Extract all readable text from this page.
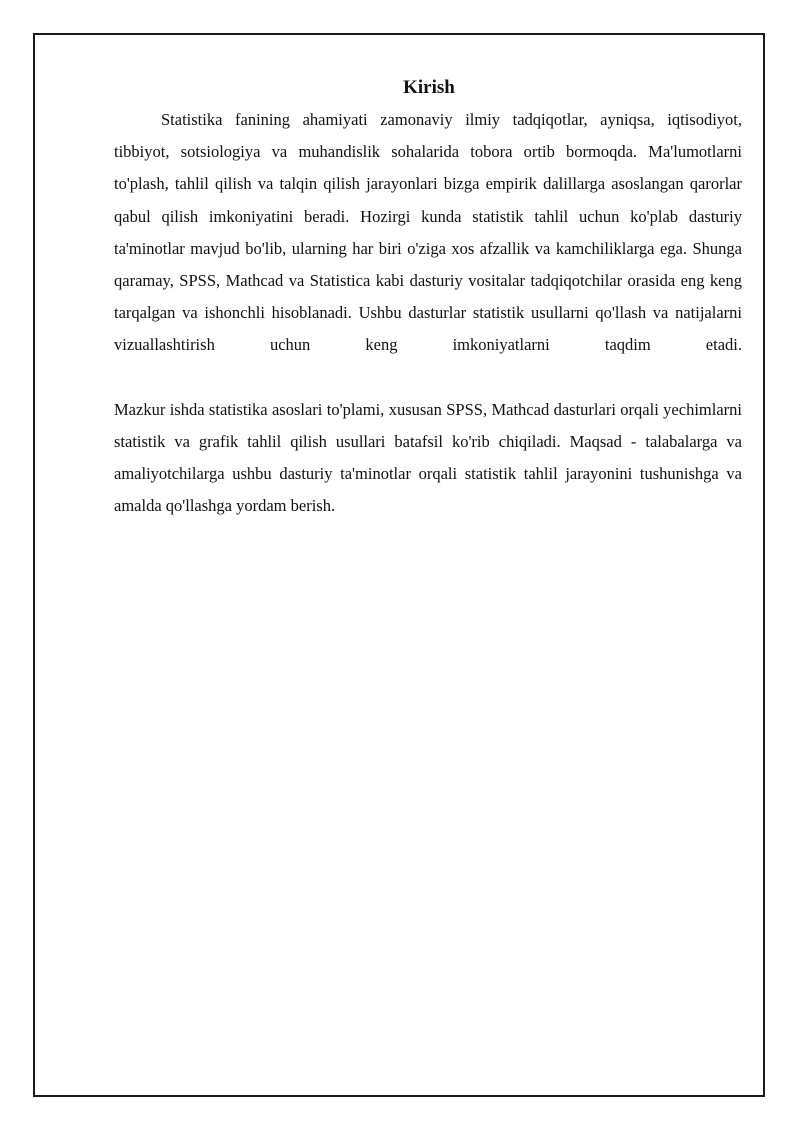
Kirish

Statistika fanining ahamiyati zamonaviy ilmiy tadqiqotlar, ayniqsa, iqtisodiyot, tibbiyot, sotsiologiya va muhandislik sohalarida tobora ortib bormoqda. Ma'lumotlarni to'plash, tahlil qilish va talqin qilish jarayonlari bizga empirik dalillarga asoslangan qarorlar qabul qilish imkoniyatini beradi. Hozirgi kunda statistik tahlil uchun ko'plab dasturiy ta'minotlar mavjud bo'lib, ularning har biri o'ziga xos afzallik va kamchiliklarga ega. Shunga qaramay, SPSS, Mathcad va Statistica kabi dasturiy vositalar tadqiqotchilar orasida eng keng tarqalgan va ishonchli hisoblanadi. Ushbu dasturlar statistik usullarni qo'llash va natijalarni vizuallashtirish uchun keng imkoniyatlarni taqdim etadi.

Mazkur ishda statistika asoslari to'plami, xususan SPSS, Mathcad dasturlari orqali yechimlarni statistik va grafik tahlil qilish usullari batafsil ko'rib chiqiladi. Maqsad - talabalarga va amaliyotchilarga ushbu dasturiy ta'minotlar orqali statistik tahlil jarayonini tushunishga va amalda qo'llashga yordam berish.
